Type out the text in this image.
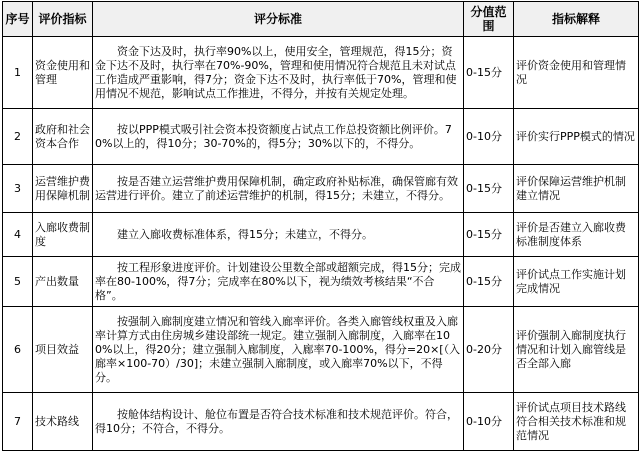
序号	评价指标	评分标准	分值范围	指标解释
1	资金使用和管理	资金下达及时，执行率90%以上，使用安全，管理规范，得15分；资金下达不及时，执行率在70%-90%，管理和使用情况符合规范且未对试点工作造成严重影响，得7分；资金下达不及时，执行率低于70%，管理和使用情况不规范，影响试点工作推进，不得分，并按有关规定处理。	0-15分	评价资金使用和管理情况
2	政府和社会资本合作	按以PPP模式吸引社会资本投资额度占试点工作总投资额比例评价。70%以上的，得10分；30-70%的，得5分；30%以下的，不得分。	0-10分	评价实行PPP模式的情况
3	运营维护费用保障机制	按是否建立运营维护费用保障机制，确定政府补贴标准，确保管廊有效运营进行评价。建立了前述运营维护的机制，得15分；未建立，不得分。	0-15分	评价保障运营维护机制建立情况
4	入廊收费制度	建立入廊收费标准体系，得15分；未建立，不得分。	0-15分	评价是否建立入廊收费标准制度体系
5	产出数量	按工程形象进度评价。计划建设公里数全部或超额完成，得15分；完成率在80-100%，得7分；完成率在80%以下，视为绩效考核结果“不合格”。	0-15分	评价试点工作实施计划完成情况
6	项目效益	按强制入廊制度建立情况和管线入廊率评价。各类入廊管线权重及入廊率计算方式由住房城乡建设部统一规定。建立强制入廊制度，入廊率在100%以上，得20分；建立强制入廊制度，入廊率70-100%，得分=20×[（入廊率×100-70）/30]；未建立强制入廊制度，或入廊率70%以下，不得分。	0-20分	评价强制入廊制度执行情况和计划入廊管线是否全部入廊
7	技术路线	按舱体结构设计、舱位布置是否符合技术标准和技术规范评价。符合，得10分；不符合，不得分。	0-10分	评价试点项目技术路线符合相关技术标准和规范情况
